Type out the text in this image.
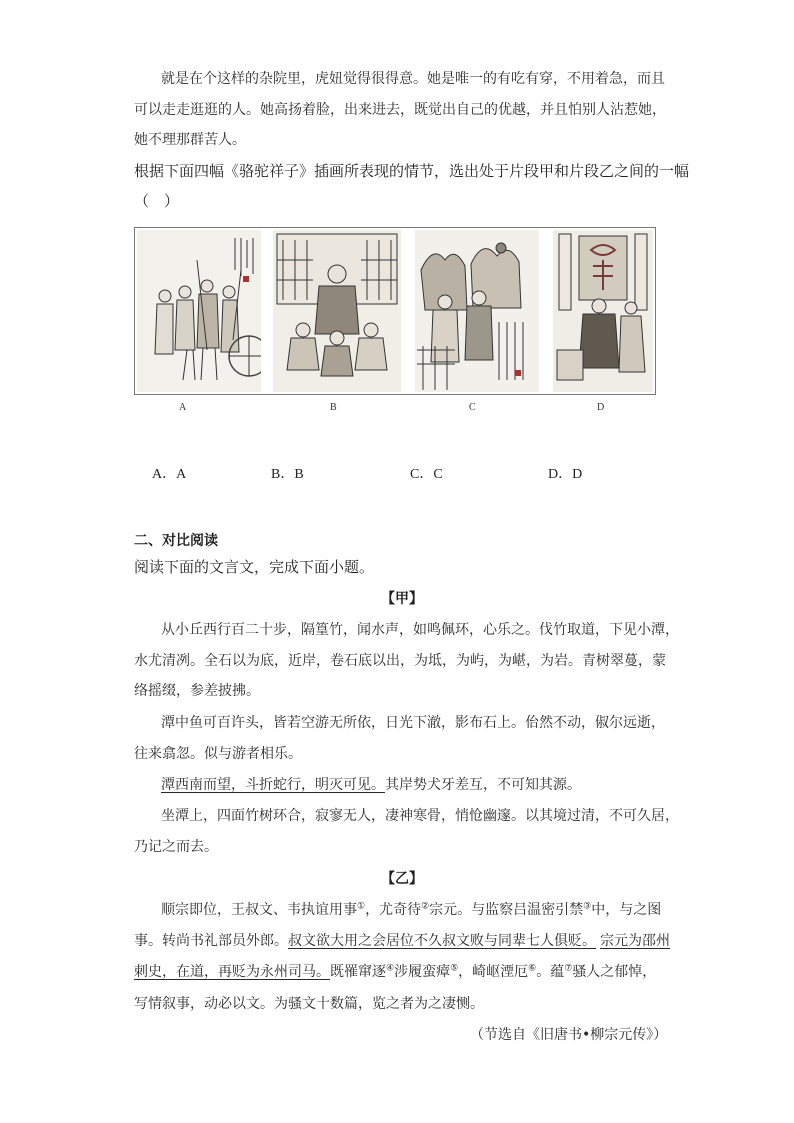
就是在个这样的杂院里，虎妞觉得很得意。她是唯一的有吃有穿，不用着急，而且
可以走走逛逛的人。她高扬着脸，出来进去，既觉出自己的优越，并且怕别人沾惹她，
她不理那群苦人。
根据下面四幅《骆驼祥子》插画所表现的情节，选出处于片段甲和片段乙之间的一幅
（　）
A	B	C	D
A．A	B．B	C．C	D．D
二、对比阅读
阅读下面的文言文，完成下面小题。
【甲】
从小丘西行百二十步，隔篁竹，闻水声，如鸣佩环，心乐之。伐竹取道，下见小潭，
水尤清冽。全石以为底，近岸，卷石底以出，为坻，为屿，为嵁，为岩。青树翠蔓，蒙
络摇缀，参差披拂。
潭中鱼可百许头，皆若空游无所依，日光下澈，影布石上。佁然不动，俶尔远逝，
往来翕忽。似与游者相乐。
潭西南而望，斗折蛇行，明灭可见。其岸势犬牙差互，不可知其源。
坐潭上，四面竹树环合，寂寥无人，凄神寒骨，悄怆幽邃。以其境过清，不可久居，
乃记之而去。
【乙】
顺宗即位，王叔文、韦执谊用事①，尤奇待②宗元。与监察吕温密引禁③中，与之图
事。转尚书礼部员外郎。叔文欲大用之会居位不久叔文败与同辈七人俱贬。 宗元为邵州
刺史，在道，再贬为永州司马。既罹窜逐④涉履蛮瘴⑤，崎岖湮厄⑥。蕴⑦骚人之郁悼，
写情叙事，动必以文。为骚文十数篇，览之者为之凄恻。
（节选自《旧唐书•柳宗元传》）
